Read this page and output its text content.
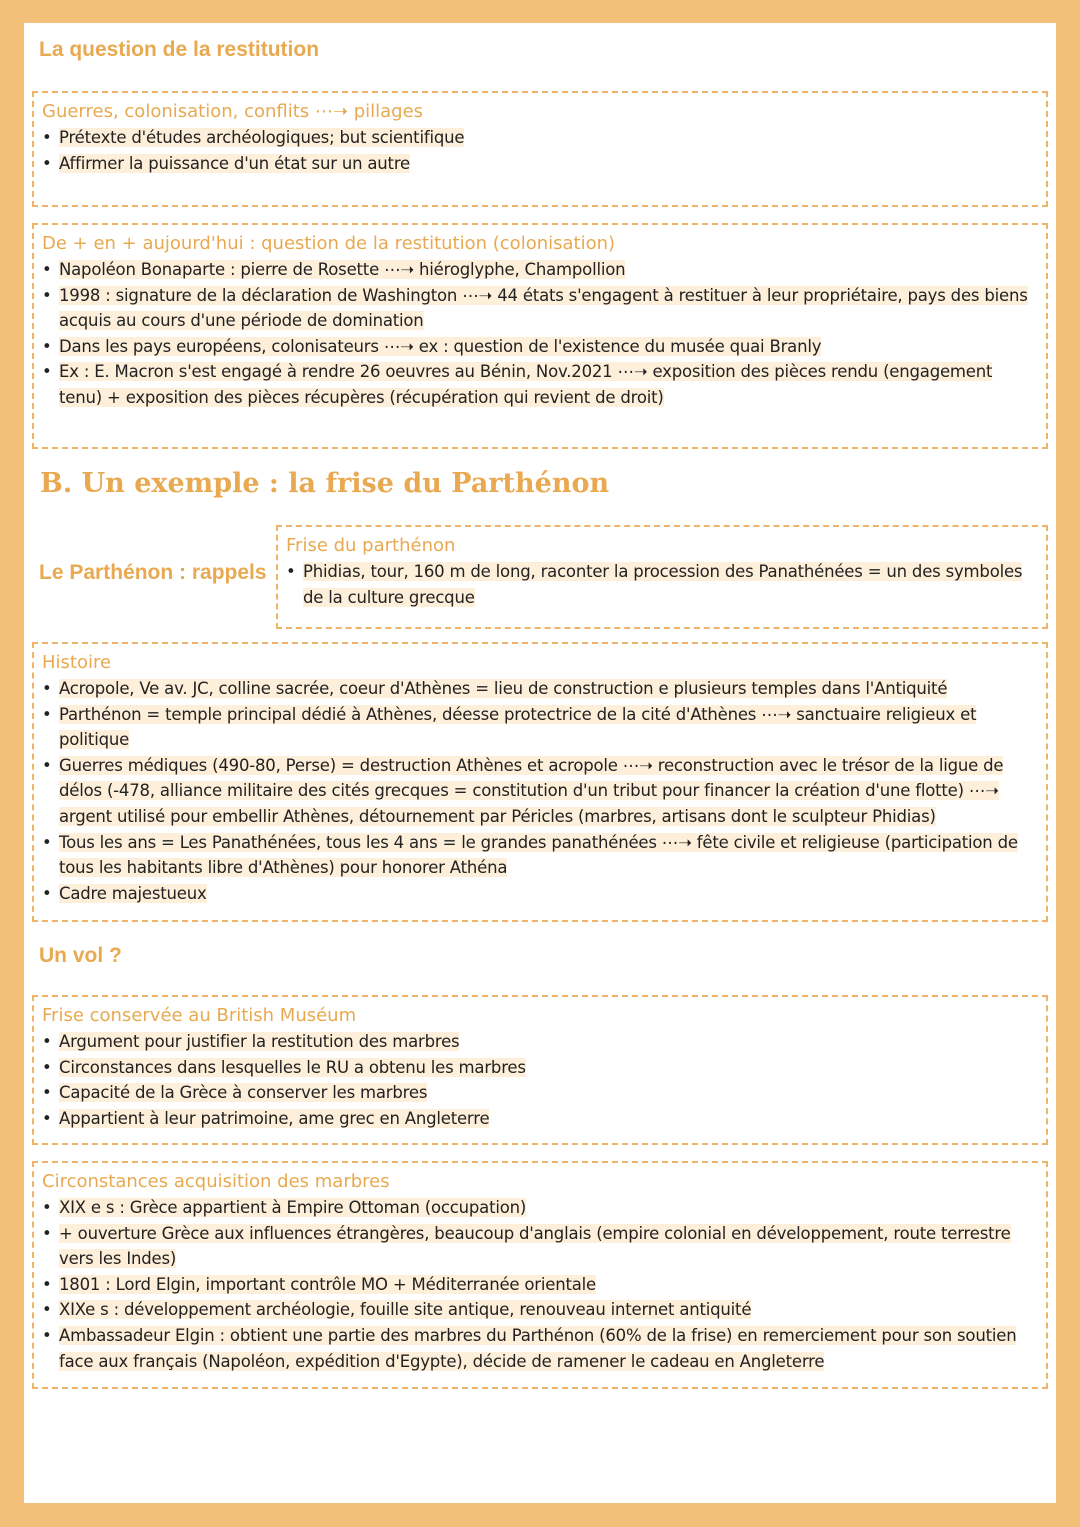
La question de la restitution
Guerres, colonisation, conflits ⋯➝ pillages
• Prétexte d'études archéologiques; but scientifique
• Affirmer la puissance d'un état sur un autre
De + en + aujourd'hui : question de la restitution (colonisation)
• Napoléon Bonaparte : pierre de Rosette ⋯➝ hiéroglyphe, Champollion
• 1998 : signature de la déclaration de Washington ⋯➝ 44 états s'engagent à restituer à leur propriétaire, pays des biens acquis au cours d'une période de domination
• Dans les pays européens, colonisateurs ⋯➝ ex : question de l'existence du musée quai Branly
• Ex : E. Macron s'est engagé à rendre 26 oeuvres au Bénin, Nov.2021 ⋯➝ exposition des pièces rendu (engagement tenu) + exposition des pièces récupères (récupération qui revient de droit)
B. Un exemple : la frise du Parthénon
Le Parthénon : rappels
Frise du parthénon
• Phidias, tour, 160 m de long, raconter la procession des Panathénées = un des symboles de la culture grecque
Histoire
• Acropole, Ve av. JC, colline sacrée, coeur d'Athènes = lieu de construction e plusieurs temples dans l'Antiquité
• Parthénon = temple principal dédié à Athènes, déesse protectrice de la cité d'Athènes ⋯➝ sanctuaire religieux et politique
• Guerres médiques (490-80, Perse) = destruction Athènes et acropole ⋯➝ reconstruction avec le trésor de la ligue de délos (-478, alliance militaire des cités grecques = constitution d'un tribut pour financer la création d'une flotte) ⋯➝ argent utilisé pour embellir Athènes, détournement par Péricles (marbres, artisans dont le sculpteur Phidias)
• Tous les ans = Les Panathénées, tous les 4 ans = le grandes panathénées ⋯➝ fête civile et religieuse (participation de tous les habitants libre d'Athènes) pour honorer Athéna
• Cadre majestueux
Un vol ?
Frise conservée au British Muséum
• Argument pour justifier la restitution des marbres
• Circonstances dans lesquelles le RU a obtenu les marbres
• Capacité de la Grèce à conserver les marbres
• Appartient à leur patrimoine, ame grec en Angleterre
Circonstances acquisition des marbres
• XIX e s : Grèce appartient à Empire Ottoman (occupation)
• + ouverture Grèce aux influences étrangères, beaucoup d'anglais (empire colonial en développement, route terrestre vers les Indes)
• 1801 : Lord Elgin, important contrôle MO + Méditerranée orientale
• XIXe s : développement archéologie, fouille site antique, renouveau internet antiquité
• Ambassadeur Elgin : obtient une partie des marbres du Parthénon (60% de la frise) en remerciement pour son soutien face aux français (Napoléon, expédition d'Egypte), décide de ramener le cadeau en Angleterre
